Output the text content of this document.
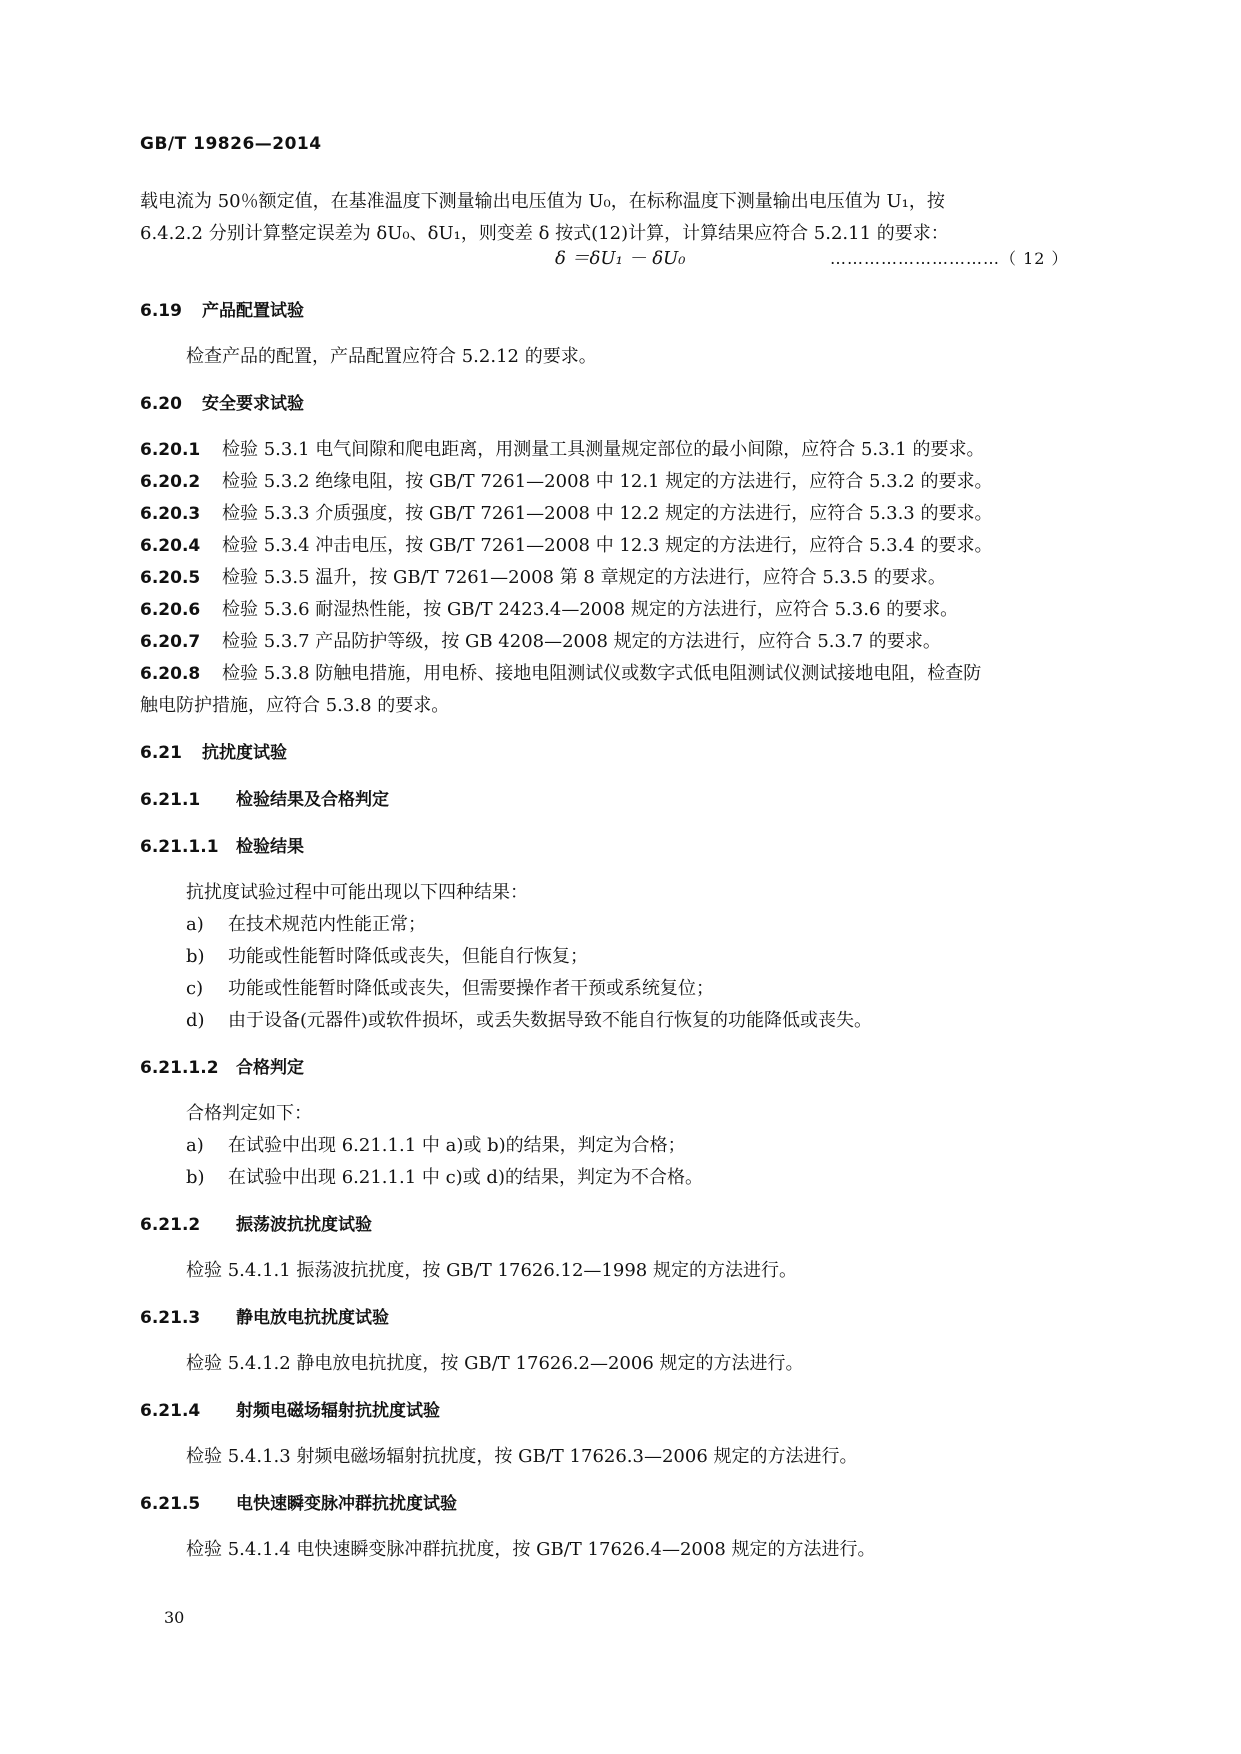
GB/T 19826—2014

载电流为 50％额定值，在基准温度下测量输出电压值为 U₀，在标称温度下测量输出电压值为 U₁，按

6.4.2.2 分别计算整定误差为 δU₀、δU₁，则变差 δ 按式(12)计算，计算结果应符合 5.2.11 的要求：

δ ＝δU₁ － δU₀	…………………………（ 12 ）
6.19 产品配置试验

检查产品的配置，产品配置应符合 5.2.12 的要求。

6.20 安全要求试验

6.20.1 检验 5.3.1 电气间隙和爬电距离，用测量工具测量规定部位的最小间隙，应符合 5.3.1 的要求。

6.20.2 检验 5.3.2 绝缘电阻，按 GB/T 7261—2008 中 12.1 规定的方法进行，应符合 5.3.2 的要求。

6.20.3 检验 5.3.3 介质强度，按 GB/T 7261—2008 中 12.2 规定的方法进行，应符合 5.3.3 的要求。

6.20.4 检验 5.3.4 冲击电压，按 GB/T 7261—2008 中 12.3 规定的方法进行，应符合 5.3.4 的要求。

6.20.5 检验 5.3.5 温升，按 GB/T 7261—2008 第 8 章规定的方法进行，应符合 5.3.5 的要求。

6.20.6 检验 5.3.6 耐湿热性能，按 GB/T 2423.4—2008 规定的方法进行，应符合 5.3.6 的要求。

6.20.7 检验 5.3.7 产品防护等级，按 GB 4208—2008 规定的方法进行，应符合 5.3.7 的要求。

6.20.8 检验 5.3.8 防触电措施，用电桥、接地电阻测试仪或数字式低电阻测试仪测试接地电阻，检查防

触电防护措施，应符合 5.3.8 的要求。

6.21 抗扰度试验
6.21.1 检验结果及合格判定
6.21.1.1 检验结果

抗扰度试验过程中可能出现以下四种结果：

a) 在技术规范内性能正常；

b) 功能或性能暂时降低或丧失，但能自行恢复；

c) 功能或性能暂时降低或丧失，但需要操作者干预或系统复位；

d) 由于设备(元器件)或软件损坏，或丢失数据导致不能自行恢复的功能降低或丧失。

6.21.1.2 合格判定

合格判定如下：

a) 在试验中出现 6.21.1.1 中 a)或 b)的结果，判定为合格；

b) 在试验中出现 6.21.1.1 中 c)或 d)的结果，判定为不合格。

6.21.2 振荡波抗扰度试验

检验 5.4.1.1 振荡波抗扰度，按 GB/T 17626.12—1998 规定的方法进行。

6.21.3 静电放电抗扰度试验

检验 5.4.1.2 静电放电抗扰度，按 GB/T 17626.2—2006 规定的方法进行。

6.21.4 射频电磁场辐射抗扰度试验

检验 5.4.1.3 射频电磁场辐射抗扰度，按 GB/T 17626.3—2006 规定的方法进行。

6.21.5 电快速瞬变脉冲群抗扰度试验

检验 5.4.1.4 电快速瞬变脉冲群抗扰度，按 GB/T 17626.4—2008 规定的方法进行。

30
